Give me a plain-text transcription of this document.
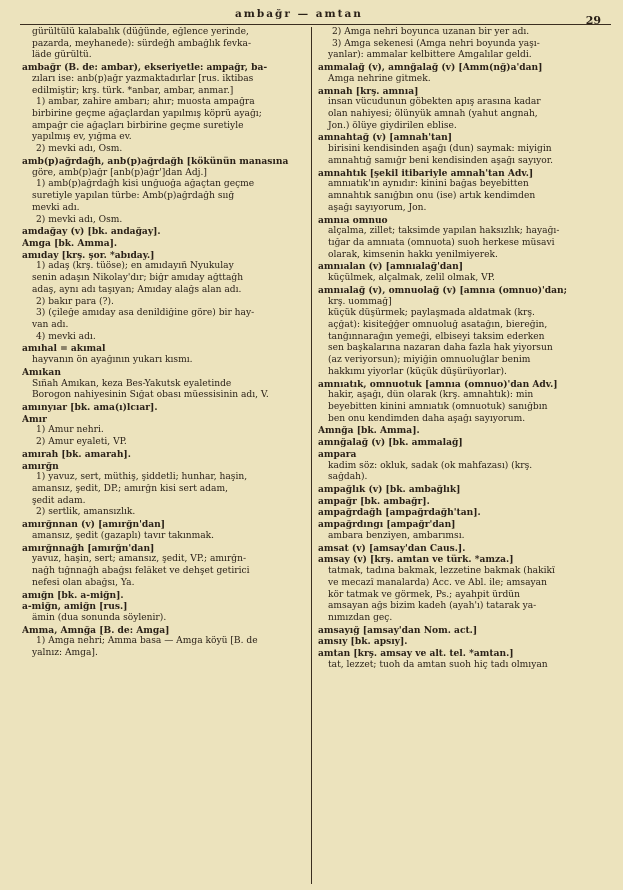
ambağr — amtan	29
gürültülü kalabalık (düğünde, eğlence yerinde,
pazarda, meyhanede): sürdeğh ambağlık fevka-
lâde gürültü.
ambağr (B. de: ambar), ekseriyetle: ampağr, ba-
zıları ise: anb(p)ağr yazmaktadırlar [rus. iktibas
edilmiştir; krş. türk. *anbar, ambar, anmar.]
1) ambar, zahire ambarı; ahır; muosta ampağra
birbirine geçme ağaçlardan yapılmış köprü ayağı;
ampağr cie ağaçları birbirine geçme suretiyle
yapılmış ev, yığma ev.
2) mevki adı, Osm.
amb(p)ağrdağh, anb(p)ağrdağh [kökünün manasına
göre, amb(p)ağr [anb(p)ağr']dan Adj.]
1) amb(p)ağrdağh kisi unğuoğa ağaçtan geçme
suretiyle yapılan türbe: Amb(p)ağrdağh sıığ
mevki adı.
2) mevki adı, Osm.
amdağay (v) [bk. andağay].
Amga [bk. Amma].
amıday [krş. şor. *abıday.]
1) adaş (krş. tüöse); en amıdayıñ Nyukulay
senin adaşın Nikolay'dır; biğr amıday ağttağh
adaş, aynı adı taşıyan; Amıday alağs alan adı.
2) bakır para (?).
3) (çileğe amıday asa denildiğine göre) bir hay-
van adı.
4) mevki adı.
amıhal = akımal
hayvanın ön ayağının yukarı kısmı.
Amıkan
Sıñah Amıkan, keza Bes-Yakutsk eyaletinde
Borogon nahiyesinin Sığat obası müessisinin adı, V.
amınyıar [bk. ama(ı)lcıar].
Amır
1) Amur nehri.
2) Amur eyaleti, VP.
amırah [bk. amarah].
amırğn
1) yavuz, sert, müthiş, şiddetli; hunhar, haşin,
amansız, şedit, DP.; amırğn kisi sert adam,
şedit adam.
2) sertlik, amansızlık.
amırğnnan (v) [amırğn'dan]
amansız, şedit (gazaplı) tavır takınmak.
amırğnnağh [amırğn'dan]
yavuz, haşin, sert; amansız, şedit, VP.; amırğn-
nağh tığnnağh abağsı felâket ve dehşet getirici
nefesi olan abağsı, Ya.
amığn [bk. a-miğn].
a-miğn, amiğn [rus.]
âmin (dua sonunda söylenir).
Amma, Amnğa [B. de: Amga]
1) Amga nehri; Amma basa — Amga köyü [B. de
yalnız: Amga].
2) Amga nehri boyunca uzanan bir yer adı.
3) Amga sekenesi (Amga nehri boyunda yaşı-
yanlar): ammalar kelbittere Amgalılar geldi.
ammalağ (v), amnğalağ (v) [Amm(nğ)a'dan]
Amga nehrine gitmek.
amnah [krş. amnıa]
insan vücudunun göbekten apış arasına kadar
olan nahiyesi; ölünyük amnah (yahut angnah,
Jon.) ölüye giydirilen eblise.
amnahtağ (v) [amnah'tan]
birisini kendisinden aşağı (dun) saymak: miyigin
amnahtığ samığr beni kendisinden aşağı sayıyor.
amnahtık [şekil itibariyle amnah'tan Adv.]
amnıatık'ın aynıdır: kinini bağas beyebitten
amnahtık sanığbın onu (ise) artık kendimden
aşağı sayıyorum, Jon.
amnıa omnuo
alçalma, zillet; taksimde yapılan haksızlık; hayağı-
tığar da amnıata (omnuota) suoh herkese müsavi
olarak, kimsenin hakkı yenilmiyerek.
amnıalan (v) [amnıalağ'dan]
küçülmek, alçalmak, zelil olmak, VP.
amnıalağ (v), omnuolağ (v) [amnıa (omnuo)'dan;
krş. uommağ]
küçük düşürmek; paylaşmada aldatmak (krş.
açğat): kisiteğğer omnuoluğ asatağın, biereğin,
tanğınnarağın yemeği, elbiseyi taksim ederken
sen başkalarına nazaran daha fazla hak yiyorsun
(az veriyorsun); miyiğin omnuoluğlar benim
hakkımı yiyorlar (küçük düşürüyorlar).
amnıatık, omnuotuk [amnıa (omnuo)'dan Adv.]
hakir, aşağı, dûn olarak (krş. amnahtık): min
beyebitten kinini amnıatık (omnuotuk) sanığbın
ben onu kendimden daha aşağı sayıyorum.
Amnğa [bk. Amma].
amnğalağ (v) [bk. ammalağ]
ampara
kadim söz: okluk, sadak (ok mahfazası) (krş.
sağdah).
ampağlık (v) [bk. ambağlık]
ampağr [bk. ambağr].
ampağrdağh [ampağrdağh'tan].
ampağrdıngı [ampağr'dan]
ambara benziyen, ambarımsı.
amsat (v) [amsay'dan Caus.].
amsay (v) [krş. amtan ve türk. *amza.]
tatmak, tadına bakmak, lezzetine bakmak (hakikî
ve mecazî manalarda) Acc. ve Abl. ile; amsayan
kör tatmak ve görmek, Ps.; ayahpit ürdün
amsayan ağs bizim kadeh (ayah'ı) tatarak ya-
nımızdan geç.
amsayığ [amsay'dan Nom. act.]
amsıy [bk. apsıy].
amtan [krş. amsay ve alt. tel. *amtan.]
tat, lezzet; tuoh da amtan suoh hiç tadı olmıyan
